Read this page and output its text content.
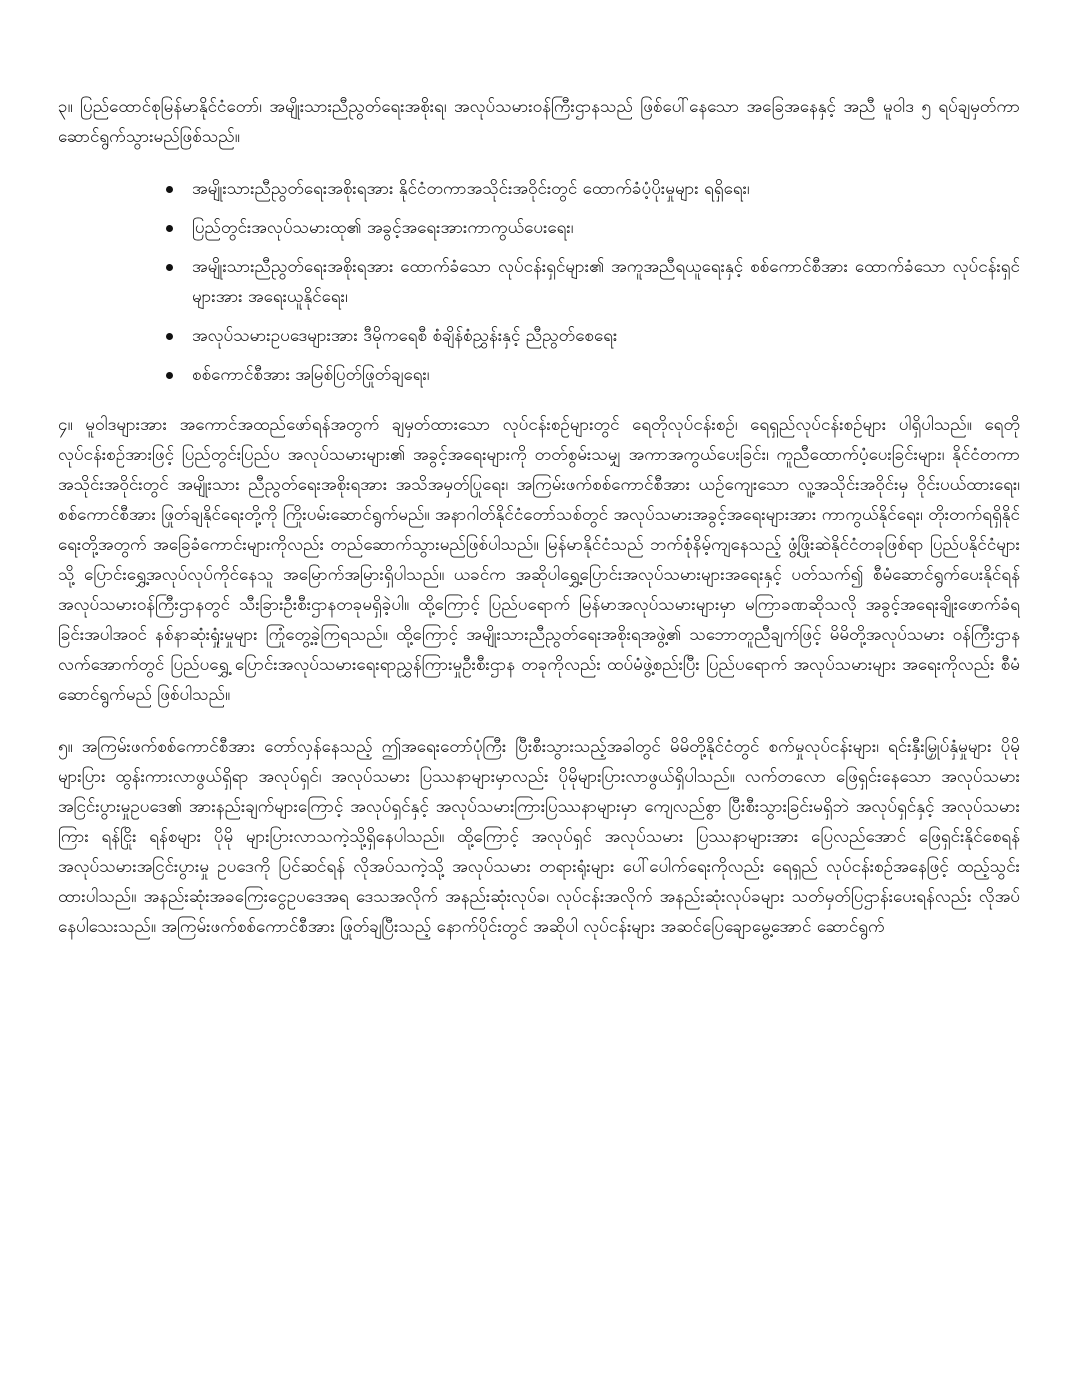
၃။ ပြည်ထောင်စုမြန်မာနိုင်ငံတော်၊ အမျိုးသားညီညွတ်ရေးအစိုးရ၊ အလုပ်သမားဝန်ကြီးဌာနသည် ဖြစ်ပေါ်နေသော အခြေအနေနှင့် အညီ မူဝါဒ ၅ ရပ်ချမှတ်ကာ ဆောင်ရွက်သွားမည်ဖြစ်သည်။

အမျိုးသားညီညွတ်ရေးအစိုးရအား နိုင်ငံတကာအသိုင်းအဝိုင်းတွင် ထောက်ခံပံ့ပိုးမှုများ ရရှိရေး၊
ပြည်တွင်းအလုပ်သမားထု၏ အခွင့်အရေးအားကာကွယ်ပေးရေး၊
အမျိုးသားညီညွတ်ရေးအစိုးရအား ထောက်ခံသော လုပ်ငန်းရှင်များ၏ အကူအညီရယူရေးနှင့် စစ်ကောင်စီအား ထောက်ခံသော လုပ်ငန်းရှင်များအား အရေးယူနိုင်ရေး၊
အလုပ်သမားဥပဒေများအား ဒီမိုကရေစီ စံချိန်စံညွှန်းနှင့် ညီညွတ်စေရေး
စစ်ကောင်စီအား အမြစ်ပြတ်ဖြုတ်ချရေး၊

၄။ မူဝါဒများအား အကောင်အထည်ဖော်ရန်အတွက် ချမှတ်ထားသော လုပ်ငန်းစဉ်များတွင် ရေတိုလုပ်ငန်းစဉ်၊ ရေရှည်လုပ်ငန်းစဉ်များ ပါရှိပါသည်။ ရေတိုလုပ်ငန်းစဉ်အားဖြင့် ပြည်တွင်းပြည်ပ အလုပ်သမားများ၏ အခွင့်အရေးများကို တတ်စွမ်းသမျှ အကာအကွယ်ပေးခြင်း၊ ကူညီထောက်ပံ့ပေးခြင်းများ၊ နိုင်ငံတကာအသိုင်းအဝိုင်းတွင် အမျိုးသား ညီညွတ်ရေးအစိုးရအား အသိအမှတ်ပြုရေး၊ အကြမ်းဖက်စစ်ကောင်စီအား ယဉ်ကျေးသော လူ့အသိုင်းအဝိုင်းမှ ဝိုင်းပယ်ထားရေး၊ စစ်ကောင်စီအား ဖြုတ်ချနိုင်ရေးတို့ကို ကြိုးပမ်းဆောင်ရွက်မည်။ အနာဂါတ်နိုင်ငံတော်သစ်တွင် အလုပ်သမားအခွင့်အရေးများအား ကာကွယ်နိုင်ရေး၊ တိုးတက်ရရှိနိုင်ရေးတို့အတွက် အခြေခံကောင်းများကိုလည်း တည်ဆောက်သွားမည်ဖြစ်ပါသည်။ မြန်မာနိုင်ငံသည် ဘက်စုံနိမ့်ကျနေသည့် ဖွံ့ဖြိုးဆဲနိုင်ငံတခုဖြစ်ရာ ပြည်ပနိုင်ငံများသို့ ပြောင်းရွှေ့အလုပ်လုပ်ကိုင်နေသူ အမြောက်အမြားရှိပါသည်။ ယခင်က အဆိုပါရွှေ့ပြောင်းအလုပ်သမားများအရေးနှင့် ပတ်သက်၍ စီမံဆောင်ရွက်ပေးနိုင်ရန် အလုပ်သမားဝန်ကြီးဌာနတွင် သီးခြားဦးစီးဌာနတခုမရှိခဲ့ပါ။ ထို့ကြောင့် ပြည်ပရောက် မြန်မာအလုပ်သမားများမှာ မကြာခဏဆိုသလို အခွင့်အရေးချိုးဖောက်ခံရခြင်းအပါအဝင် နစ်နာဆုံးရှုံးမှုများ ကြုံတွေ့ခဲ့ကြရသည်။ ထို့ကြောင့် အမျိုးသားညီညွတ်ရေးအစိုးရအဖွဲ့၏ သဘောတူညီချက်ဖြင့် မိမိတို့အလုပ်သမား ဝန်ကြီးဌာနလက်အောက်တွင် ပြည်ပရွှေ့ ပြောင်းအလုပ်သမားရေးရာညွှန်ကြားမှုဦးစီးဌာန တခုကိုလည်း ထပ်မံဖွဲ့စည်းပြီး ပြည်ပရောက် အလုပ်သမားများ အရေးကိုလည်း စီမံဆောင်ရွက်မည် ဖြစ်ပါသည်။

၅။ အကြမ်းဖက်စစ်ကောင်စီအား တော်လှန်နေသည့် ဤအရေးတော်ပုံကြီး ပြီးစီးသွားသည့်အခါတွင် မိမိတို့နိုင်ငံတွင် စက်မှုလုပ်ငန်းများ၊ ရင်းနှီးမြှုပ်နှံမှုများ ပိုမိုများပြား ထွန်းကားလာဖွယ်ရှိရာ အလုပ်ရှင်၊ အလုပ်သမား ပြဿနာများမှာလည်း ပိုမိုများပြားလာဖွယ်ရှိပါသည်။ လက်တလော ဖြေရှင်းနေသော အလုပ်သမားအငြင်းပွားမှုဥပဒေ၏ အားနည်းချက်များကြောင့် အလုပ်ရှင်နှင့် အလုပ်သမားကြားပြဿနာများမှာ ကျေလည်စွာ ပြီးစီးသွားခြင်းမရှိဘဲ အလုပ်ရှင်နှင့် အလုပ်သမားကြား ရန်ငြိုး ရန်စများ ပိုမို များပြားလာသကဲ့သို့ရှိနေပါသည်။ ထို့ကြောင့် အလုပ်ရှင် အလုပ်သမား ပြဿနာများအား ပြေလည်အောင် ဖြေရှင်းနိုင်စေရန် အလုပ်သမားအငြင်းပွားမှု ဥပဒေကို ပြင်ဆင်ရန် လိုအပ်သကဲ့သို့ အလုပ်သမား တရားရုံးများ ပေါ်ပေါက်ရေးကိုလည်း ရေရှည် လုပ်ငန်းစဉ်အနေဖြင့် ထည့်သွင်းထားပါသည်။ အနည်းဆုံးအခကြေးငွေဥပဒေအရ ဒေသအလိုက် အနည်းဆုံးလုပ်ခ၊ လုပ်ငန်းအလိုက် အနည်းဆုံးလုပ်ခများ သတ်မှတ်ပြဌာန်းပေးရန်လည်း လိုအပ်နေပါသေးသည်။ အကြမ်းဖက်စစ်ကောင်စီအား ဖြုတ်ချပြီးသည့် နောက်ပိုင်းတွင် အဆိုပါ လုပ်ငန်းများ အဆင်ပြေချောမွေ့အောင် ဆောင်ရွက်
